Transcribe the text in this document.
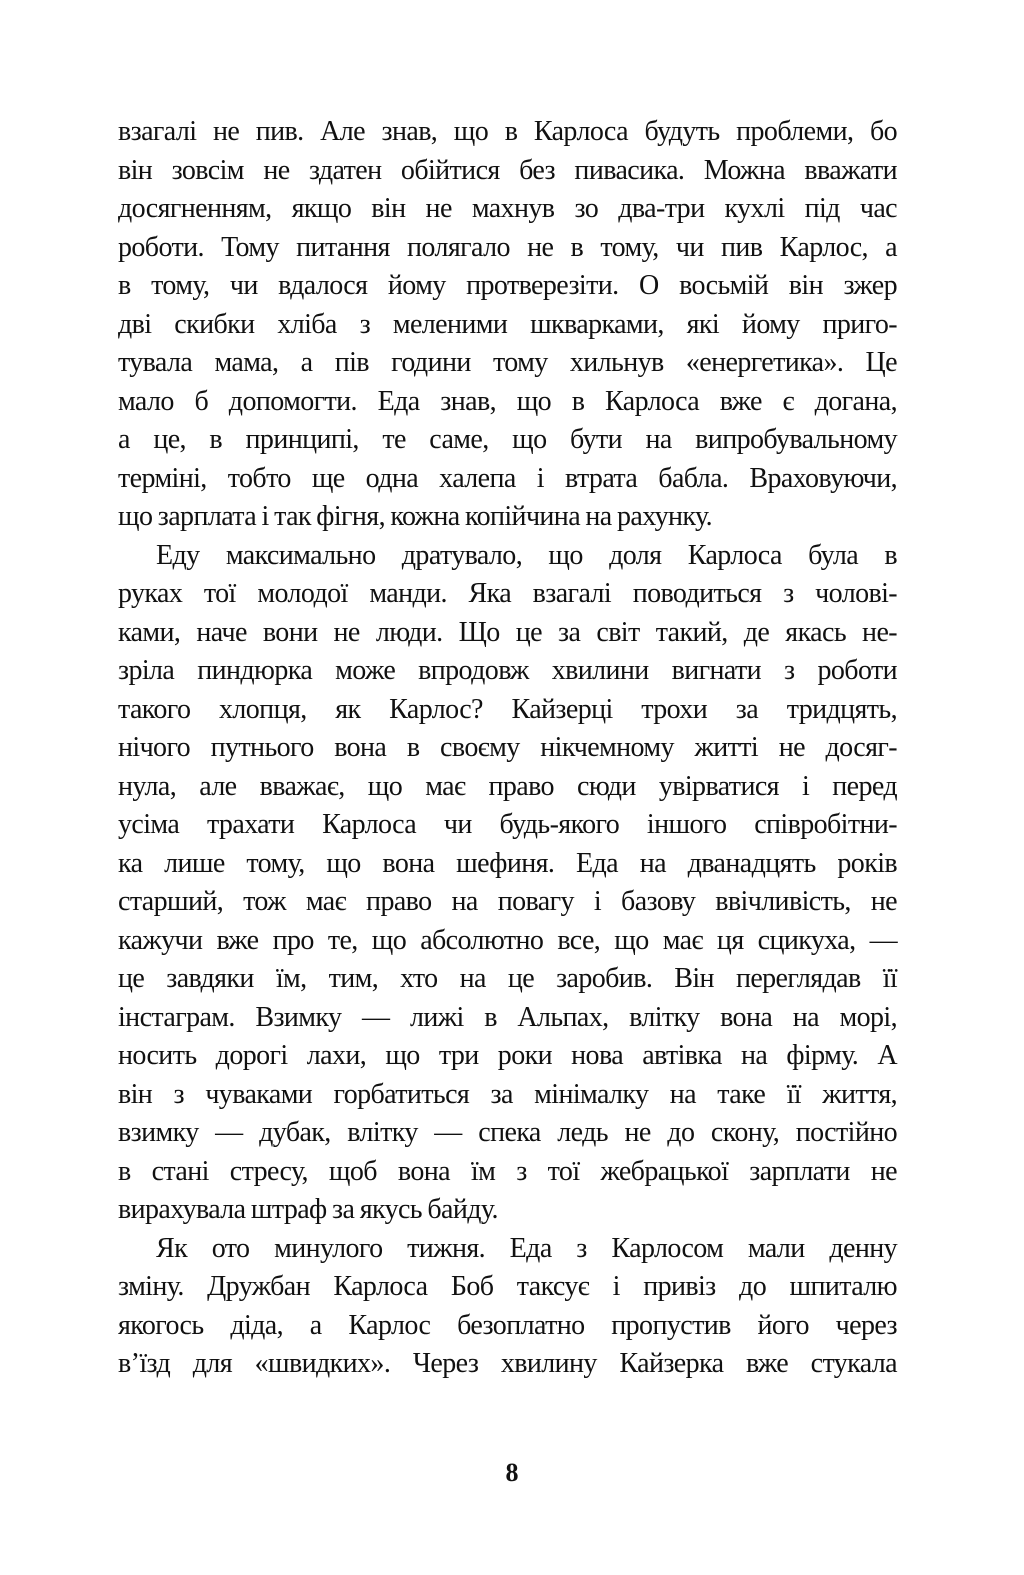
взагалі не пив. Але знав, що в Карлоса будуть проблеми, бо
він зовсім не здатен обійтися без пивасика. Можна вважати
досягненням, якщо він не махнув зо два-три кухлі під час
роботи. Тому питання полягало не в тому, чи пив Карлос, а
в тому, чи вдалося йому протверезіти. О восьмій він зжер
дві скибки хліба з меленими шкварками, які йому приго-
тувала мама, а пів години тому хильнув «енергетика». Це
мало б допомогти. Еда знав, що в Карлоса вже є догана,
а це, в принципі, те саме, що бути на випробувальному
терміні, тобто ще одна халепа і втрата бабла. Враховуючи,
що зарплата і так фігня, кожна копійчина на рахунку.
Еду максимально дратувало, що доля Карлоса була в
руках тої молодої манди. Яка взагалі поводиться з чолові-
ками, наче вони не люди. Що це за світ такий, де якась не-
зріла пиндюрка може впродовж хвилини вигнати з роботи
такого хлопця, як Карлос? Кайзерці трохи за тридцять,
нічого путнього вона в своєму нікчемному житті не досяг-
нула, але вважає, що має право сюди увірватися і перед
усіма трахати Карлоса чи будь-якого іншого співробітни-
ка лише тому, що вона шефиня. Еда на дванадцять років
старший, тож має право на повагу і базову ввічливість, не
кажучи вже про те, що абсолютно все, що має ця сцикуха, —
це завдяки їм, тим, хто на це заробив. Він переглядав її
інстаграм. Взимку — лижі в Альпах, влітку вона на морі,
носить дорогі лахи, що три роки нова автівка на фірму. А
він з чуваками горбатиться за мінімалку на таке її життя,
взимку — дубак, влітку — спека ледь не до скону, постійно
в стані стресу, щоб вона їм з тої жебрацької зарплати не
вирахувала штраф за якусь байду.
Як ото минулого тижня. Еда з Карлосом мали денну
зміну. Дружбан Карлоса Боб таксує і привіз до шпиталю
якогось діда, а Карлос безоплатно пропустив його через
в’їзд для «швидких». Через хвилину Кайзерка вже стукала
8
